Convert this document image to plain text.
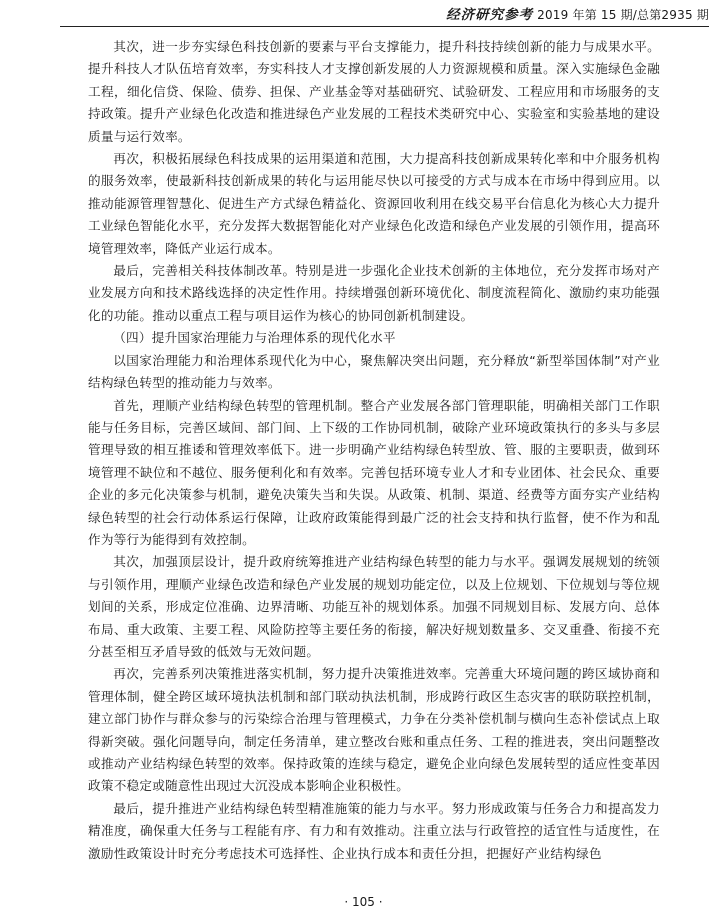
经济研究参考 2019 年第 15 期/总第2935 期

其次，进一步夯实绿色科技创新的要素与平台支撑能力，提升科技持续创新的能力与成果水平。提升科技人才队伍培育效率，夯实科技人才支撑创新发展的人力资源规模和质量。深入实施绿色金融工程，细化信贷、保险、债券、担保、产业基金等对基础研究、试验研发、工程应用和市场服务的支持政策。提升产业绿色化改造和推进绿色产业发展的工程技术类研究中心、实验室和实验基地的建设质量与运行效率。

再次，积极拓展绿色科技成果的运用渠道和范围，大力提高科技创新成果转化率和中介服务机构的服务效率，使最新科技创新成果的转化与运用能尽快以可接受的方式与成本在市场中得到应用。以推动能源管理智慧化、促进生产方式绿色精益化、资源回收利用在线交易平台信息化为核心大力提升工业绿色智能化水平，充分发挥大数据智能化对产业绿色化改造和绿色产业发展的引领作用，提高环境管理效率，降低产业运行成本。

最后，完善相关科技体制改革。特别是进一步强化企业技术创新的主体地位，充分发挥市场对产业发展方向和技术路线选择的决定性作用。持续增强创新环境优化、制度流程简化、激励约束功能强化的功能。推动以重点工程与项目运作为核心的协同创新机制建设。

（四）提升国家治理能力与治理体系的现代化水平

以国家治理能力和治理体系现代化为中心，聚焦解决突出问题，充分释放“新型举国体制”对产业结构绿色转型的推动能力与效率。

首先，理顺产业结构绿色转型的管理机制。整合产业发展各部门管理职能，明确相关部门工作职能与任务目标，完善区域间、部门间、上下级的工作协同机制，破除产业环境政策执行的多头与多层管理导致的相互推诿和管理效率低下。进一步明确产业结构绿色转型放、管、服的主要职责，做到环境管理不缺位和不越位、服务便利化和有效率。完善包括环境专业人才和专业团体、社会民众、重要企业的多元化决策参与机制，避免决策失当和失误。从政策、机制、渠道、经费等方面夯实产业结构绿色转型的社会行动体系运行保障，让政府政策能得到最广泛的社会支持和执行监督，使不作为和乱作为等行为能得到有效控制。

其次，加强顶层设计，提升政府统筹推进产业结构绿色转型的能力与水平。强调发展规划的统领与引领作用，理顺产业绿色改造和绿色产业发展的规划功能定位，以及上位规划、下位规划与等位规划间的关系，形成定位准确、边界清晰、功能互补的规划体系。加强不同规划目标、发展方向、总体布局、重大政策、主要工程、风险防控等主要任务的衔接，解决好规划数量多、交叉重叠、衔接不充分甚至相互矛盾导致的低效与无效问题。

再次，完善系列决策推进落实机制，努力提升决策推进效率。完善重大环境问题的跨区域协商和管理体制，健全跨区域环境执法机制和部门联动执法机制，形成跨行政区生态灾害的联防联控机制，建立部门协作与群众参与的污染综合治理与管理模式，力争在分类补偿机制与横向生态补偿试点上取得新突破。强化问题导向，制定任务清单，建立整改台账和重点任务、工程的推进表，突出问题整改或推动产业结构绿色转型的效率。保持政策的连续与稳定，避免企业向绿色发展转型的适应性变革因政策不稳定或随意性出现过大沉没成本影响企业积极性。

最后，提升推进产业结构绿色转型精准施策的能力与水平。努力形成政策与任务合力和提高发力精准度，确保重大任务与工程能有序、有力和有效推动。注重立法与行政管控的适宜性与适度性，在激励性政策设计时充分考虑技术可选择性、企业执行成本和责任分担，把握好产业结构绿色

· 105 ·
